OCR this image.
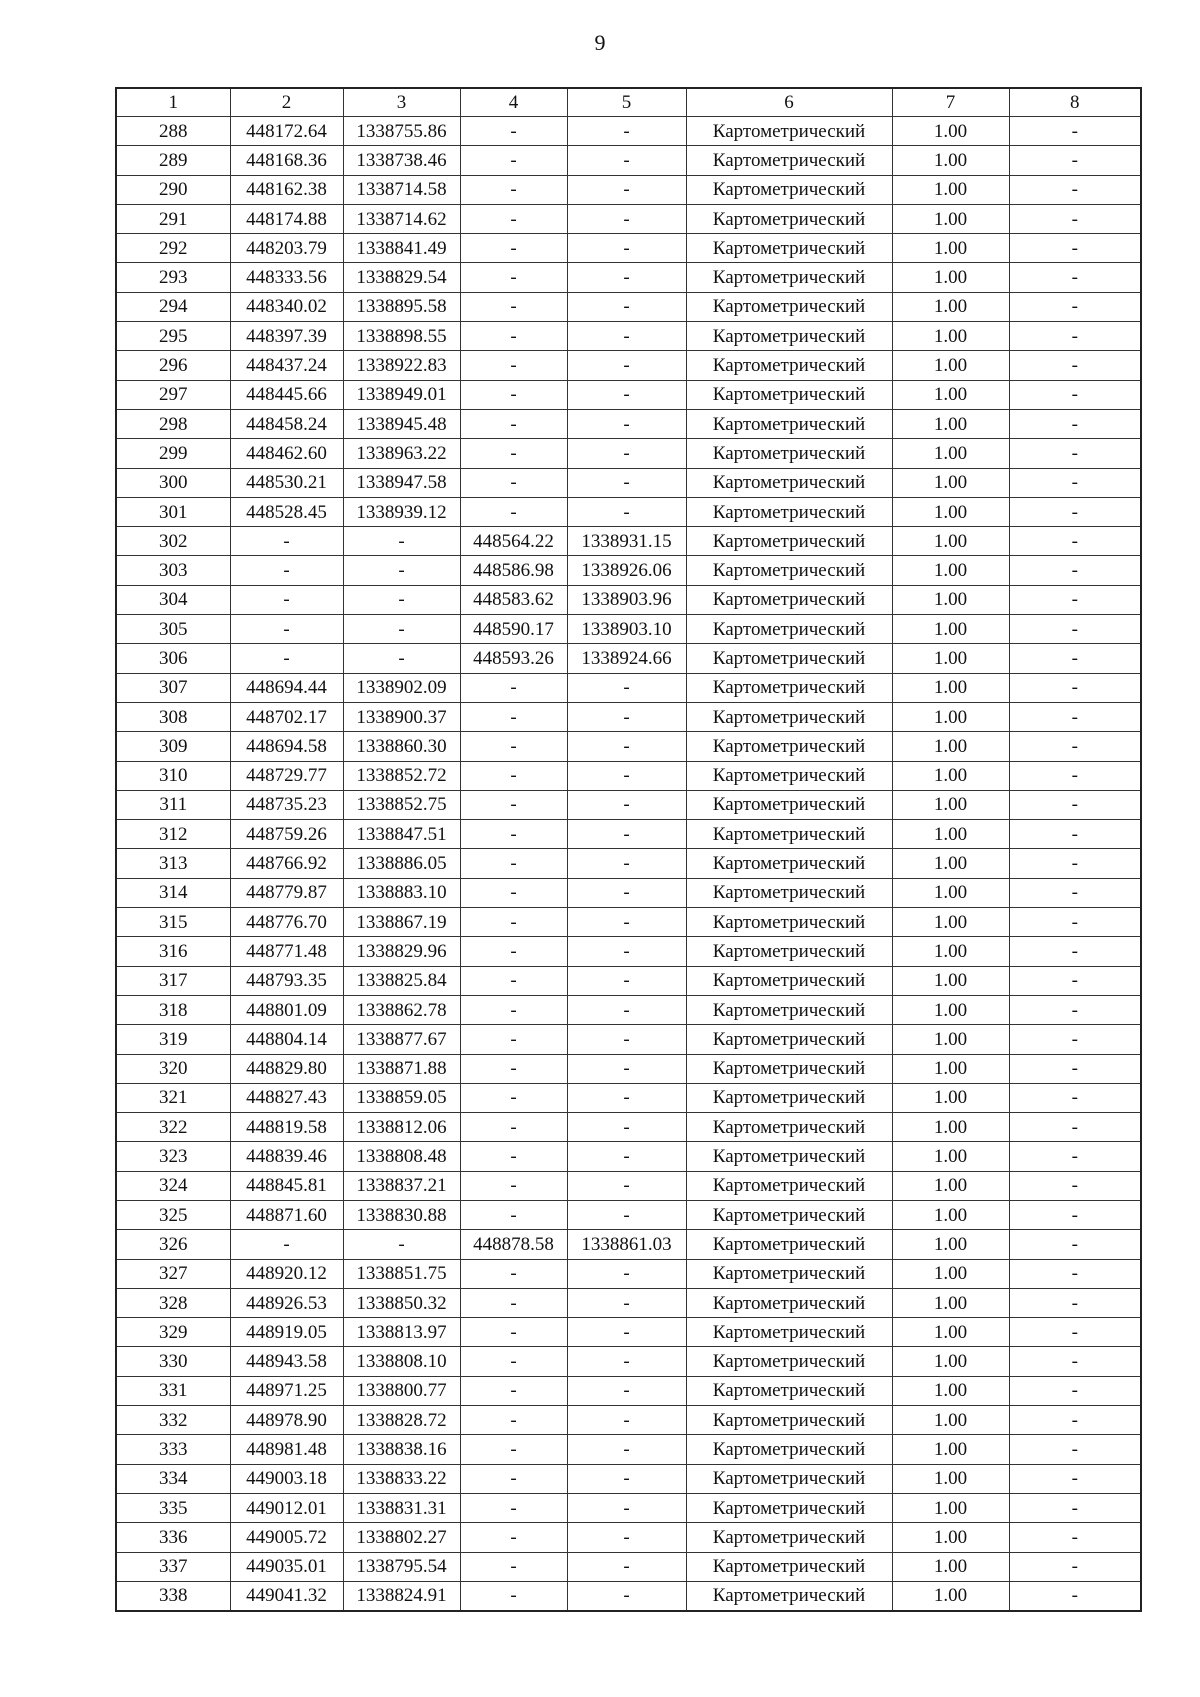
9
1	2	3	4	5	6	7	8
288	448172.64	1338755.86	-	-	Картометрический	1.00	-
289	448168.36	1338738.46	-	-	Картометрический	1.00	-
290	448162.38	1338714.58	-	-	Картометрический	1.00	-
291	448174.88	1338714.62	-	-	Картометрический	1.00	-
292	448203.79	1338841.49	-	-	Картометрический	1.00	-
293	448333.56	1338829.54	-	-	Картометрический	1.00	-
294	448340.02	1338895.58	-	-	Картометрический	1.00	-
295	448397.39	1338898.55	-	-	Картометрический	1.00	-
296	448437.24	1338922.83	-	-	Картометрический	1.00	-
297	448445.66	1338949.01	-	-	Картометрический	1.00	-
298	448458.24	1338945.48	-	-	Картометрический	1.00	-
299	448462.60	1338963.22	-	-	Картометрический	1.00	-
300	448530.21	1338947.58	-	-	Картометрический	1.00	-
301	448528.45	1338939.12	-	-	Картометрический	1.00	-
302	-	-	448564.22	1338931.15	Картометрический	1.00	-
303	-	-	448586.98	1338926.06	Картометрический	1.00	-
304	-	-	448583.62	1338903.96	Картометрический	1.00	-
305	-	-	448590.17	1338903.10	Картометрический	1.00	-
306	-	-	448593.26	1338924.66	Картометрический	1.00	-
307	448694.44	1338902.09	-	-	Картометрический	1.00	-
308	448702.17	1338900.37	-	-	Картометрический	1.00	-
309	448694.58	1338860.30	-	-	Картометрический	1.00	-
310	448729.77	1338852.72	-	-	Картометрический	1.00	-
311	448735.23	1338852.75	-	-	Картометрический	1.00	-
312	448759.26	1338847.51	-	-	Картометрический	1.00	-
313	448766.92	1338886.05	-	-	Картометрический	1.00	-
314	448779.87	1338883.10	-	-	Картометрический	1.00	-
315	448776.70	1338867.19	-	-	Картометрический	1.00	-
316	448771.48	1338829.96	-	-	Картометрический	1.00	-
317	448793.35	1338825.84	-	-	Картометрический	1.00	-
318	448801.09	1338862.78	-	-	Картометрический	1.00	-
319	448804.14	1338877.67	-	-	Картометрический	1.00	-
320	448829.80	1338871.88	-	-	Картометрический	1.00	-
321	448827.43	1338859.05	-	-	Картометрический	1.00	-
322	448819.58	1338812.06	-	-	Картометрический	1.00	-
323	448839.46	1338808.48	-	-	Картометрический	1.00	-
324	448845.81	1338837.21	-	-	Картометрический	1.00	-
325	448871.60	1338830.88	-	-	Картометрический	1.00	-
326	-	-	448878.58	1338861.03	Картометрический	1.00	-
327	448920.12	1338851.75	-	-	Картометрический	1.00	-
328	448926.53	1338850.32	-	-	Картометрический	1.00	-
329	448919.05	1338813.97	-	-	Картометрический	1.00	-
330	448943.58	1338808.10	-	-	Картометрический	1.00	-
331	448971.25	1338800.77	-	-	Картометрический	1.00	-
332	448978.90	1338828.72	-	-	Картометрический	1.00	-
333	448981.48	1338838.16	-	-	Картометрический	1.00	-
334	449003.18	1338833.22	-	-	Картометрический	1.00	-
335	449012.01	1338831.31	-	-	Картометрический	1.00	-
336	449005.72	1338802.27	-	-	Картометрический	1.00	-
337	449035.01	1338795.54	-	-	Картометрический	1.00	-
338	449041.32	1338824.91	-	-	Картометрический	1.00	-
